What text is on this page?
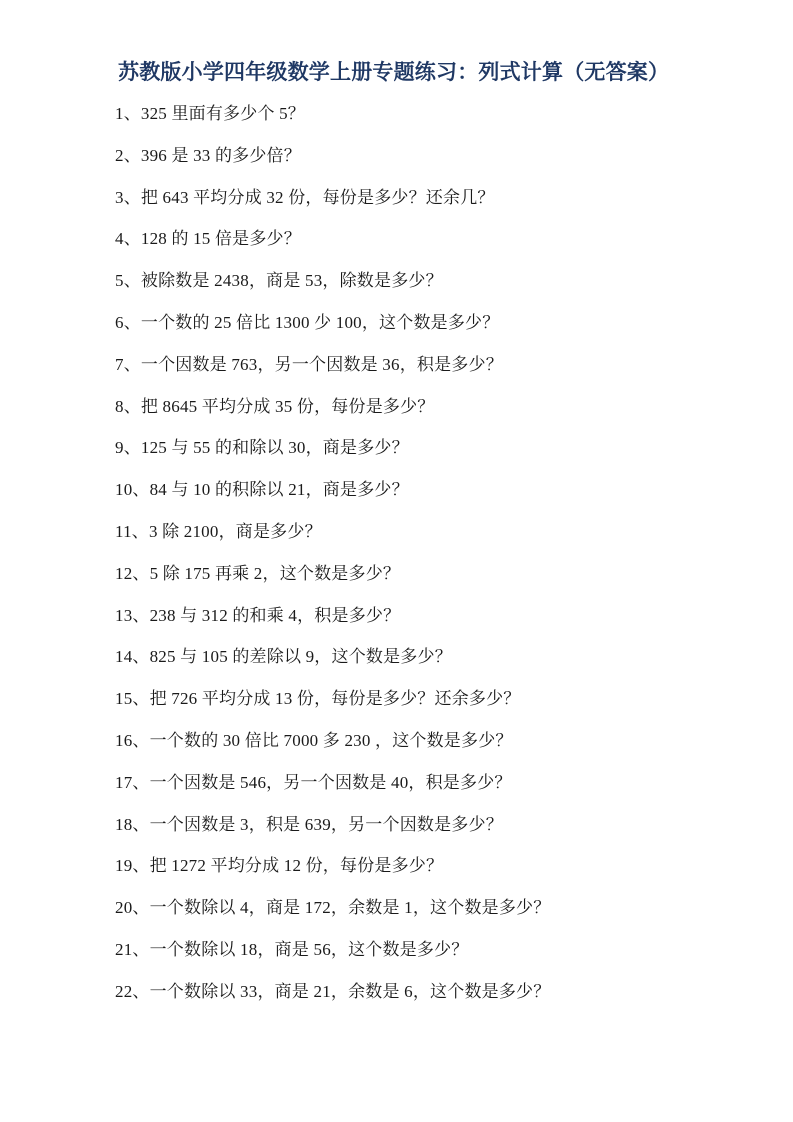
苏教版小学四年级数学上册专题练习：列式计算（无答案）

1、325 里面有多少个 5？

2、396 是 33 的多少倍？

3、把 643 平均分成 32 份，每份是多少？还余几？

4、128 的 15 倍是多少？

5、被除数是 2438，商是 53，除数是多少？

6、一个数的 25 倍比 1300 少 100，这个数是多少？

7、一个因数是 763，另一个因数是 36，积是多少？

8、把 8645 平均分成 35 份，每份是多少？

9、125 与 55 的和除以 30，商是多少？

10、84 与 10 的积除以 21，商是多少？

11、3 除 2100，商是多少？

12、5 除 175 再乘 2，这个数是多少？

13、238 与 312 的和乘 4，积是多少？

14、825 与 105 的差除以 9，这个数是多少？

15、把 726 平均分成 13 份，每份是多少？还余多少？

16、一个数的 30 倍比 7000 多 230 ，这个数是多少？

17、一个因数是 546，另一个因数是 40，积是多少？

18、一个因数是 3，积是 639，另一个因数是多少？

19、把 1272 平均分成 12 份，每份是多少？

20、一个数除以 4，商是 172，余数是 1，这个数是多少？

21、一个数除以 18，商是 56，这个数是多少？

22、一个数除以 33，商是 21，余数是 6，这个数是多少？
